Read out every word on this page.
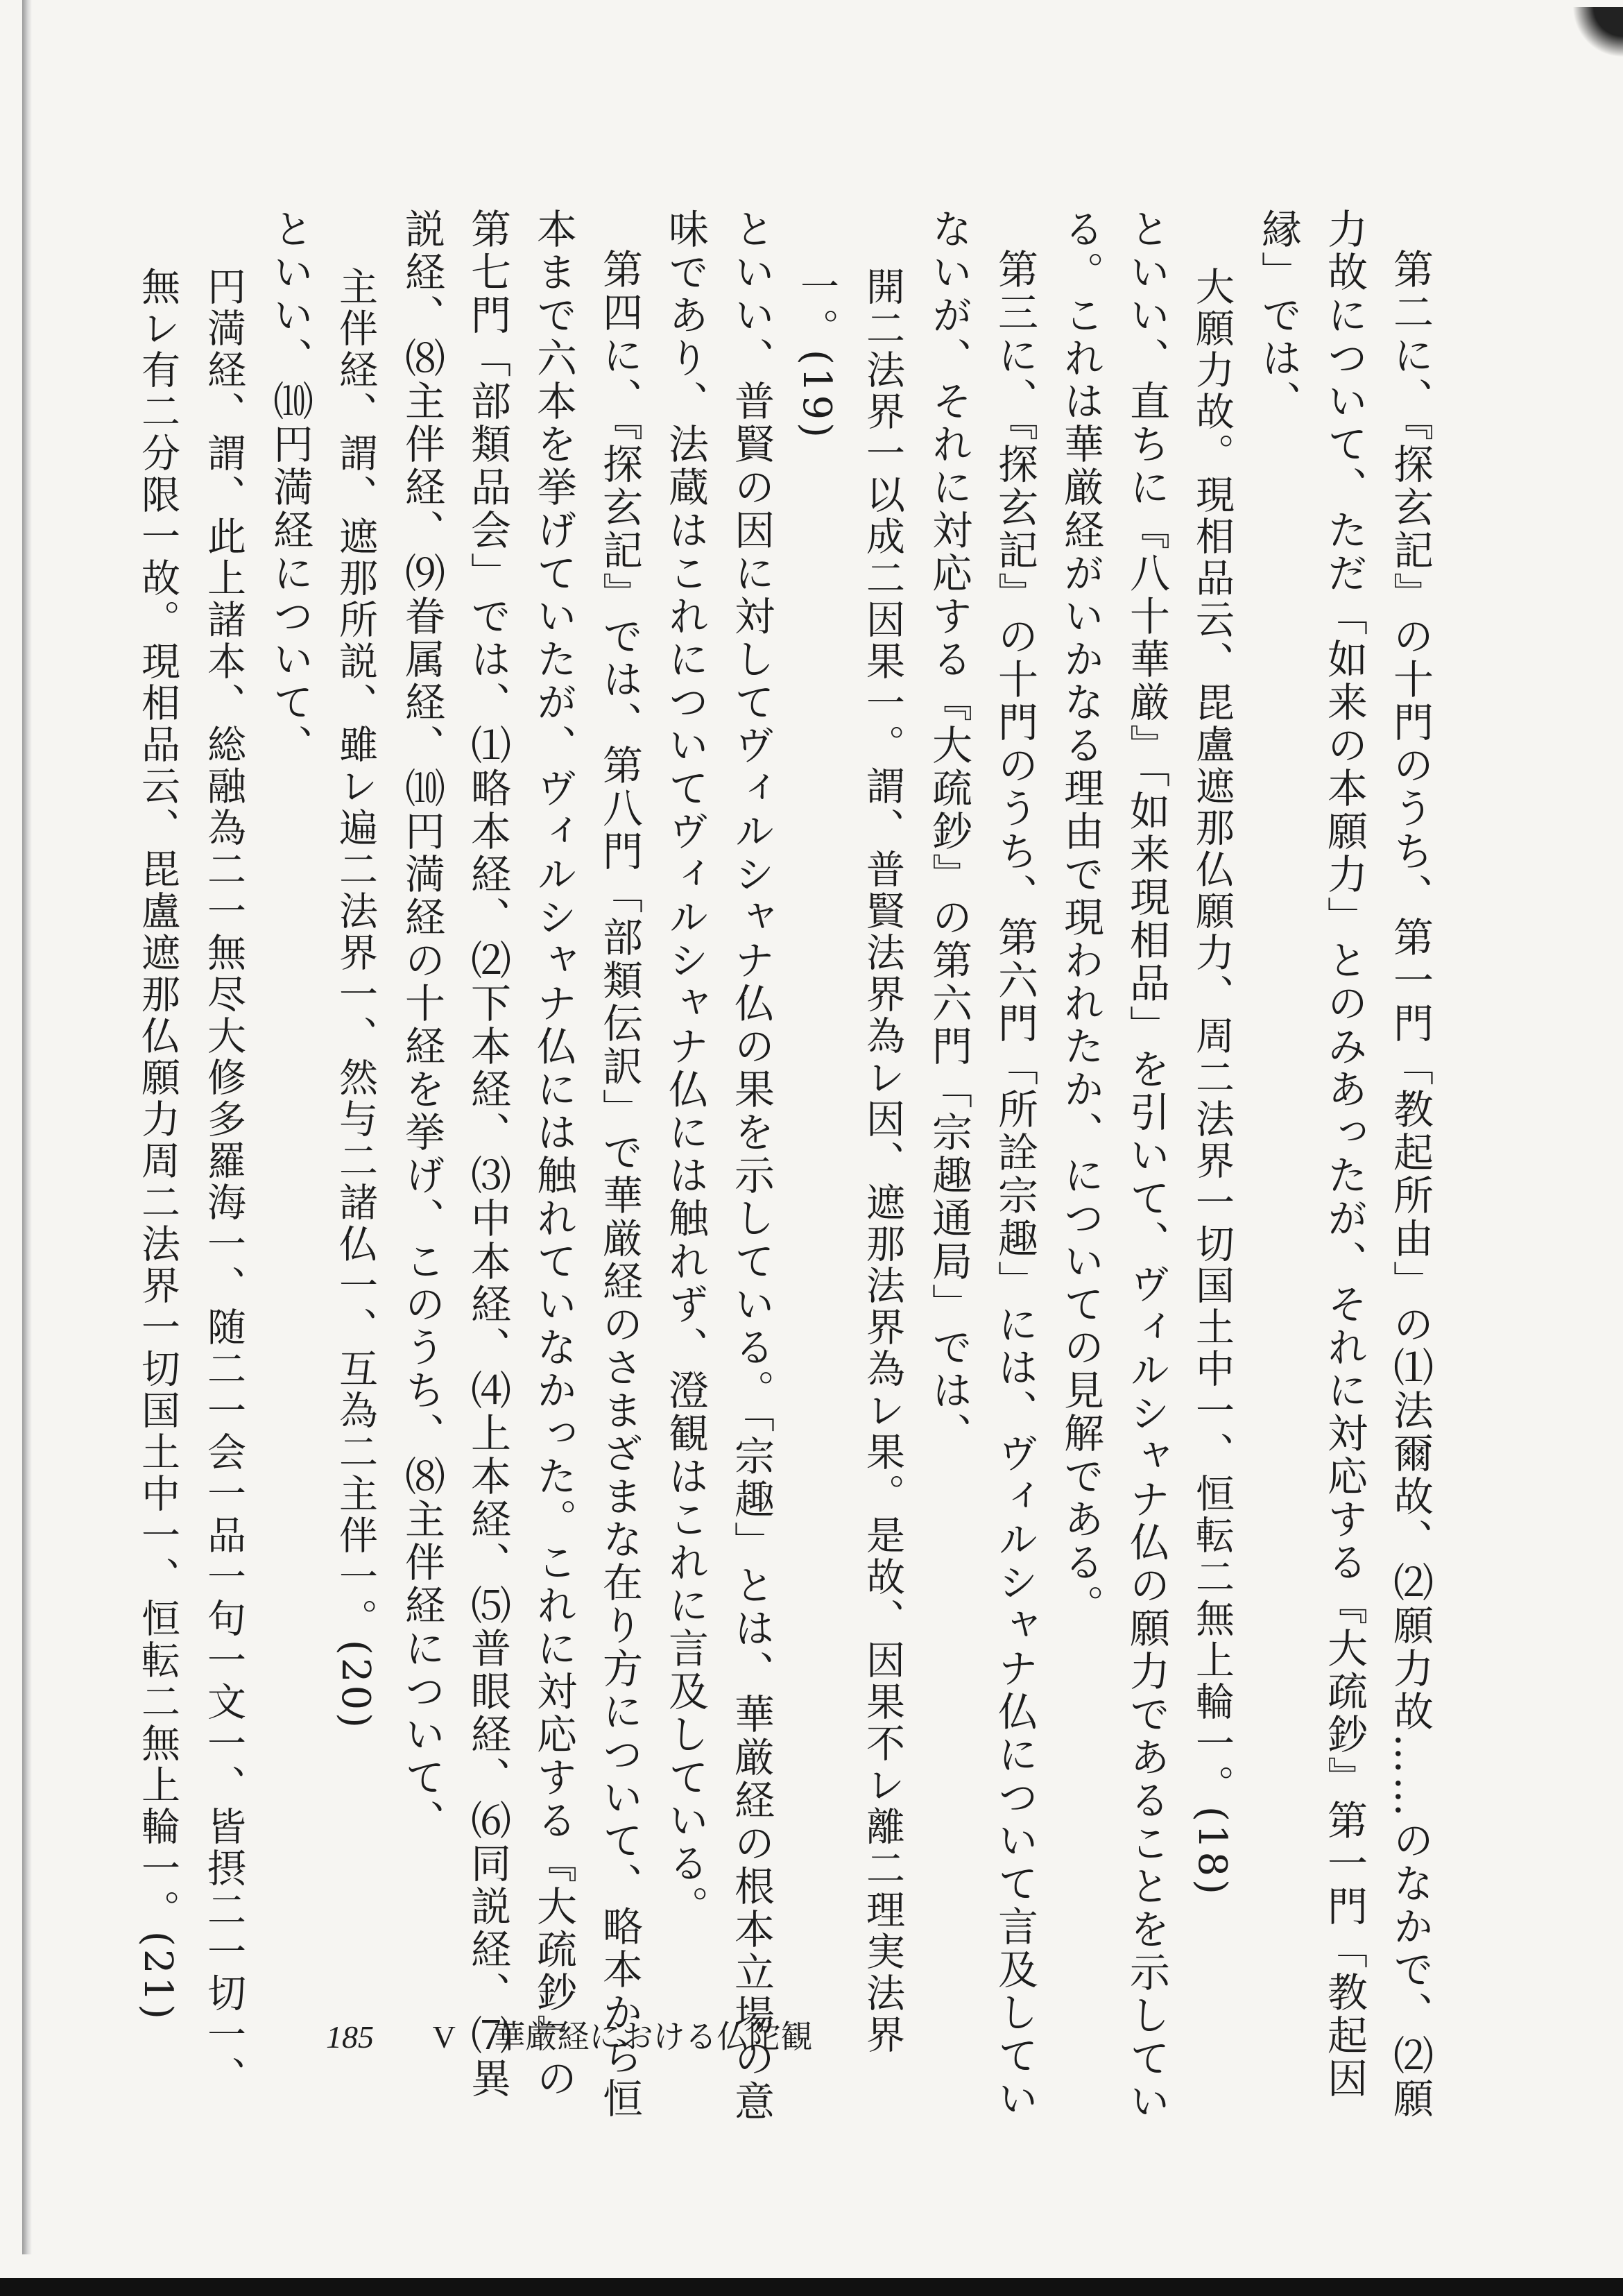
第二に、『探玄記』の十門のうち、第一門「教起所由」の⑴法爾故、⑵願力故……のなかで、⑵願力故について、ただ「如来の本願力」とのみあったが、それに対応する『大疏鈔』第一門「教起因縁」では、

大願力故。現相品云、毘盧遮那仏願力、周二法界一切国土中一、恒転二無上輪一。(18)

といい、直ちに『八十華厳』「如来現相品」を引いて、ヴィルシャナ仏の願力であることを示している。これは華厳経がいかなる理由で現われたか、についての見解である。

第三に、『探玄記』の十門のうち、第六門「所詮宗趣」には、ヴィルシャナ仏について言及していないが、それに対応する『大疏鈔』の第六門「宗趣通局」では、

開二法界一以成二因果一。謂、普賢法界為レ因、遮那法界為レ果。是故、因果不レ離二理実法界一。(19)

といい、普賢の因に対してヴィルシャナ仏の果を示している。「宗趣」とは、華厳経の根本立場の意味であり、法蔵はこれについてヴィルシャナ仏には触れず、澄観はこれに言及している。

第四に、『探玄記』では、第八門「部類伝訳」で華厳経のさまざまな在り方について、略本から恒本まで六本を挙げていたが、ヴィルシャナ仏には触れていなかった。これに対応する『大疏鈔』の第七門「部類品会」では、⑴略本経、⑵下本経、⑶中本経、⑷上本経、⑸普眼経、⑹同説経、⑺異説経、⑻主伴経、⑼眷属経、⑽円満経の十経を挙げ、このうち、⑻主伴経について、

主伴経、謂、遮那所説、雖レ遍二法界一、然与二諸仏一、互為二主伴一。(20)

といい、⑽円満経について、

円満経、謂、此上諸本、総融為二一無尽大修多羅海一、随二一会一品一句一文一、皆摂二一切一、無レ有二分限一故。現相品云、毘盧遮那仏願力周二法界一切国土中一、恒転二無上輪一。(21)

185 V 華厳経における仏陀観
